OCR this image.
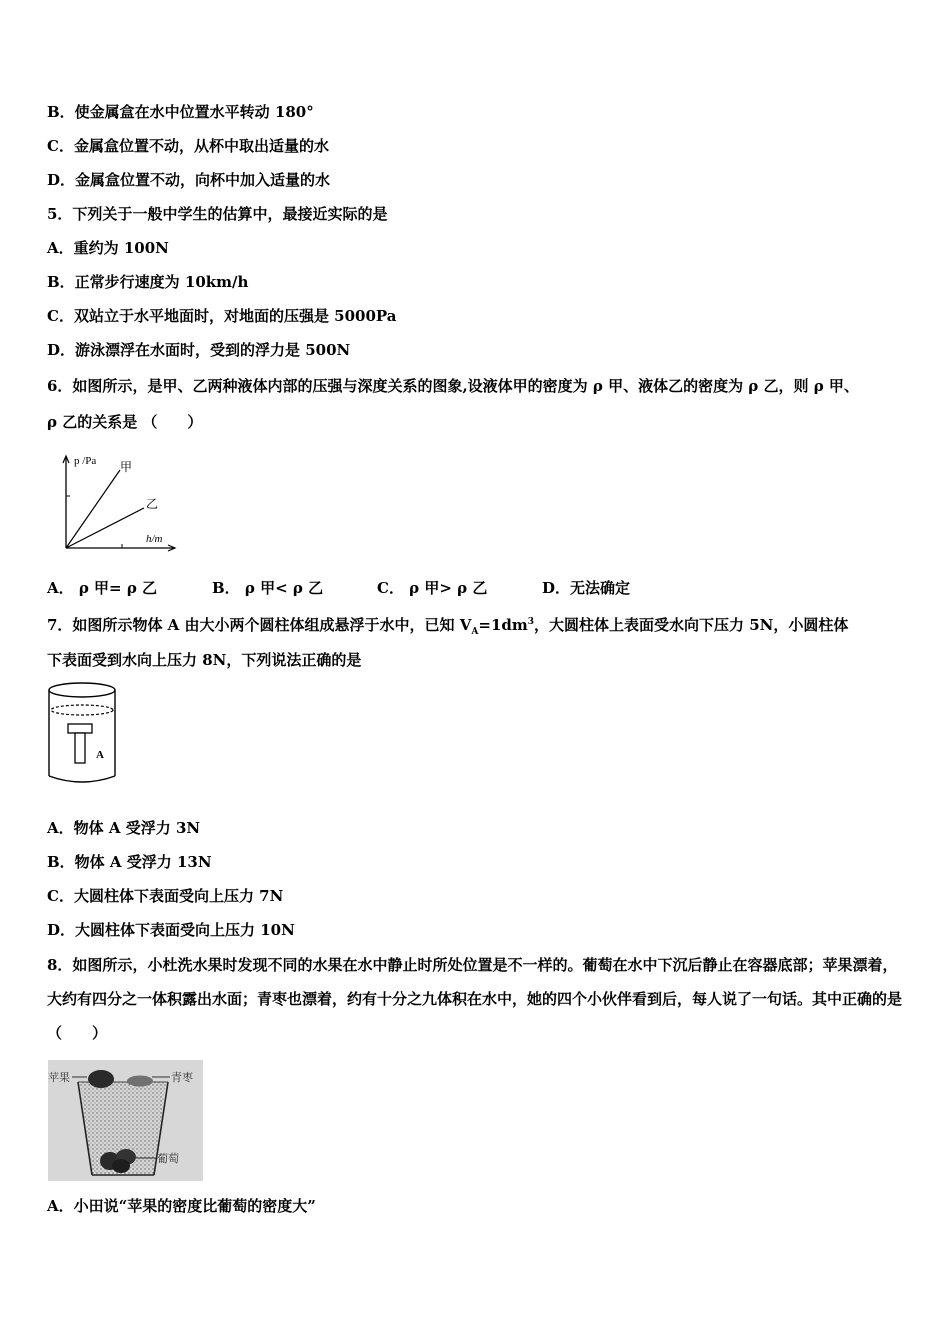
B．使金属盒在水中位置水平转动 180°
C．金属盒位置不动，从杯中取出适量的水
D．金属盒位置不动，向杯中加入适量的水
5．下列关于一般中学生的估算中，最接近实际的是
A．重约为 100N
B．正常步行速度为 10km/h
C．双站立于水平地面时，对地面的压强是 5000Pa
D．游泳漂浮在水面时，受到的浮力是 500N
6．如图所示，是甲、乙两种液体内部的压强与深度关系的图象,设液体甲的密度为 ρ 甲、液体乙的密度为 ρ 乙，则 ρ 甲、
ρ 乙的关系是 （　　）
p /Pa
h/m
甲
乙
A． ρ 甲= ρ 乙	B． ρ 甲< ρ 乙	C． ρ 甲> ρ 乙	D．无法确定
7．如图所示物体 A 由大小两个圆柱体组成悬浮于水中，已知 $V_A=1dm^3$，大圆柱体上表面受水向下压力 5N，小圆柱体
下表面受到水向上压力 8N，下列说法正确的是
A
A．物体 A 受浮力 3N
B．物体 A 受浮力 13N
C．大圆柱体下表面受向上压力 7N
D．大圆柱体下表面受向上压力 10N
8．如图所示，小杜洗水果时发现不同的水果在水中静止时所处位置是不一样的。葡萄在水中下沉后静止在容器底部；苹果漂着，大约有四分之一体积露出水面；青枣也漂着，约有十分之九体积在水中，她的四个小伙伴看到后，每人说了一句话。其中正确的是（　　）
苹果	青枣
葡萄
A．小田说“苹果的密度比葡萄的密度大”
